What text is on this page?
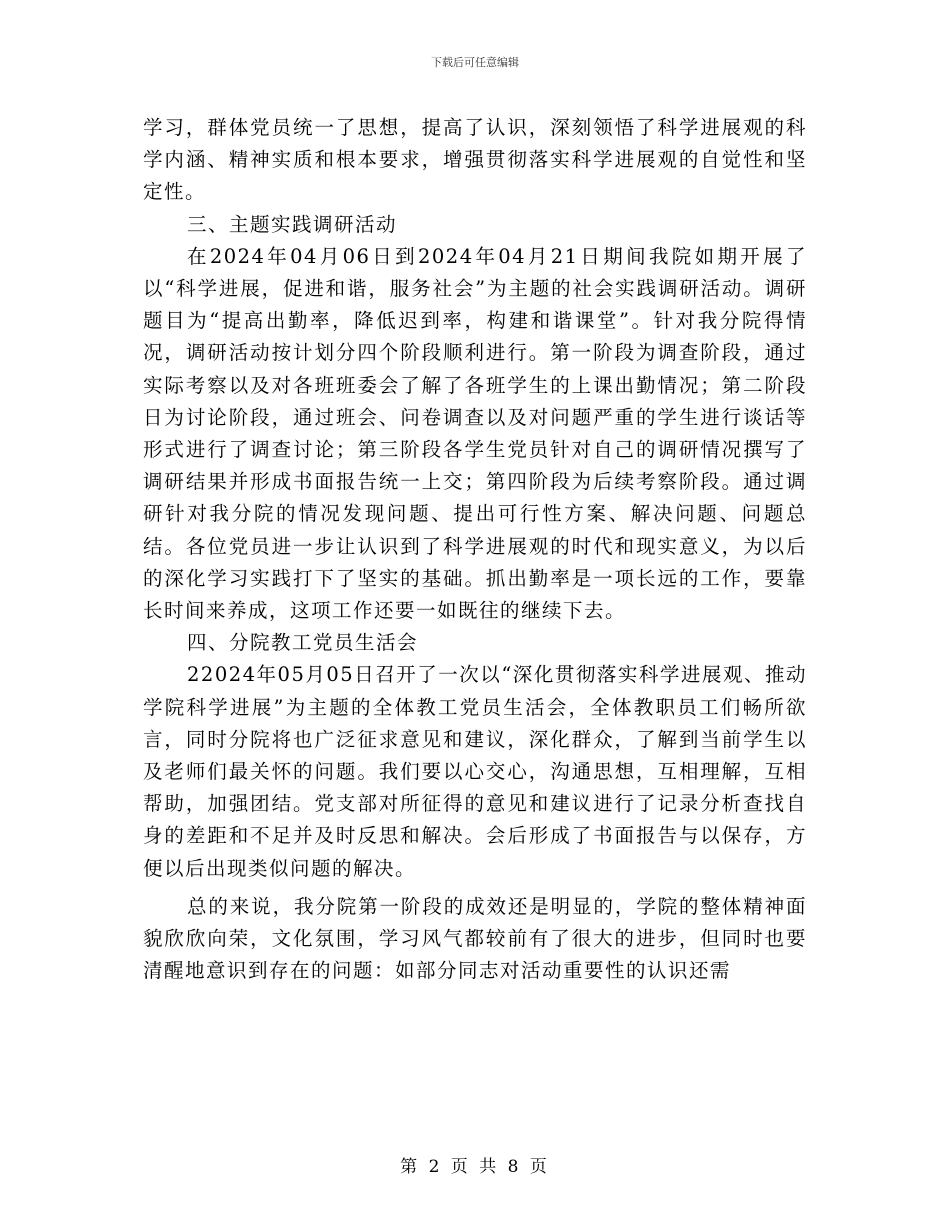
下载后可任意编辑

学习，群体党员统一了思想，提高了认识，深刻领悟了科学进展观的科学内涵、精神实质和根本要求，增强贯彻落实科学进展观的自觉性和坚定性。

三、主题实践调研活动

在2024年04月06日到2024年04月21日期间我院如期开展了以“科学进展，促进和谐，服务社会”为主题的社会实践调研活动。调研题目为“提高出勤率，降低迟到率，构建和谐课堂”。针对我分院得情况，调研活动按计划分四个阶段顺利进行。第一阶段为调查阶段，通过实际考察以及对各班班委会了解了各班学生的上课出勤情况；第二阶段日为讨论阶段，通过班会、问卷调查以及对问题严重的学生进行谈话等形式进行了调查讨论；第三阶段各学生党员针对自己的调研情况撰写了调研结果并形成书面报告统一上交；第四阶段为后续考察阶段。通过调研针对我分院的情况发现问题、提出可行性方案、解决问题、问题总结。各位党员进一步让认识到了科学进展观的时代和现实意义，为以后的深化学习实践打下了坚实的基础。抓出勤率是一项长远的工作，要靠长时间来养成，这项工作还要一如既往的继续下去。

四、分院教工党员生活会

22024年05月05日召开了一次以“深化贯彻落实科学进展观、推动学院科学进展”为主题的全体教工党员生活会，全体教职员工们畅所欲言，同时分院将也广泛征求意见和建议，深化群众，了解到当前学生以及老师们最关怀的问题。我们要以心交心，沟通思想，互相理解，互相帮助，加强团结。党支部对所征得的意见和建议进行了记录分析查找自身的差距和不足并及时反思和解决。会后形成了书面报告与以保存，方便以后出现类似问题的解决。

总的来说，我分院第一阶段的成效还是明显的，学院的整体精神面貌欣欣向荣，文化氛围，学习风气都较前有了很大的进步，但同时也要清醒地意识到存在的问题：如部分同志对活动重要性的认识还需

第 2 页 共 8 页
